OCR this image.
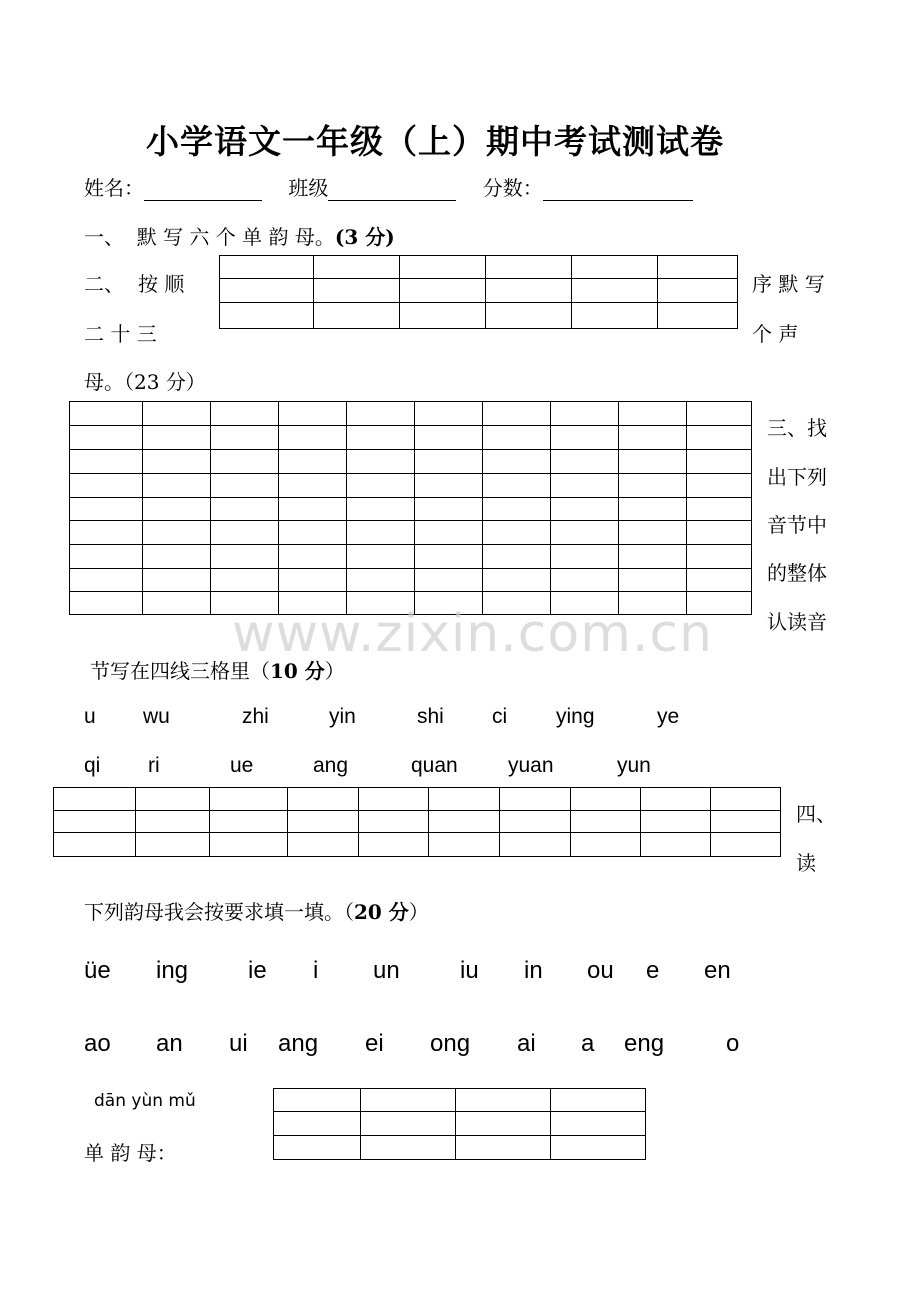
小学语文一年级（上）期中考试测试卷
姓名：	班级	分数：
一、 默 写 六 个 单 韵 母。(3 分)
二、 按 顺
二 十 三
序 默 写
个 声
母。（23 分）
三、找
出下列
音节中
的整体
认读音
www.zixin.com.cn
节写在四线三格里（10 分）
u wu	zhi	yin	shi ci ying	ye
qi ri	ue	ang	quan yuan	yun
四、
读
下列韵母我会按要求填一填。（20 分）
üe ing ie i un	iu in ou e en
ao an ui ang ei ong ai a eng	o
dān yùn mǔ
单 韵 母：
